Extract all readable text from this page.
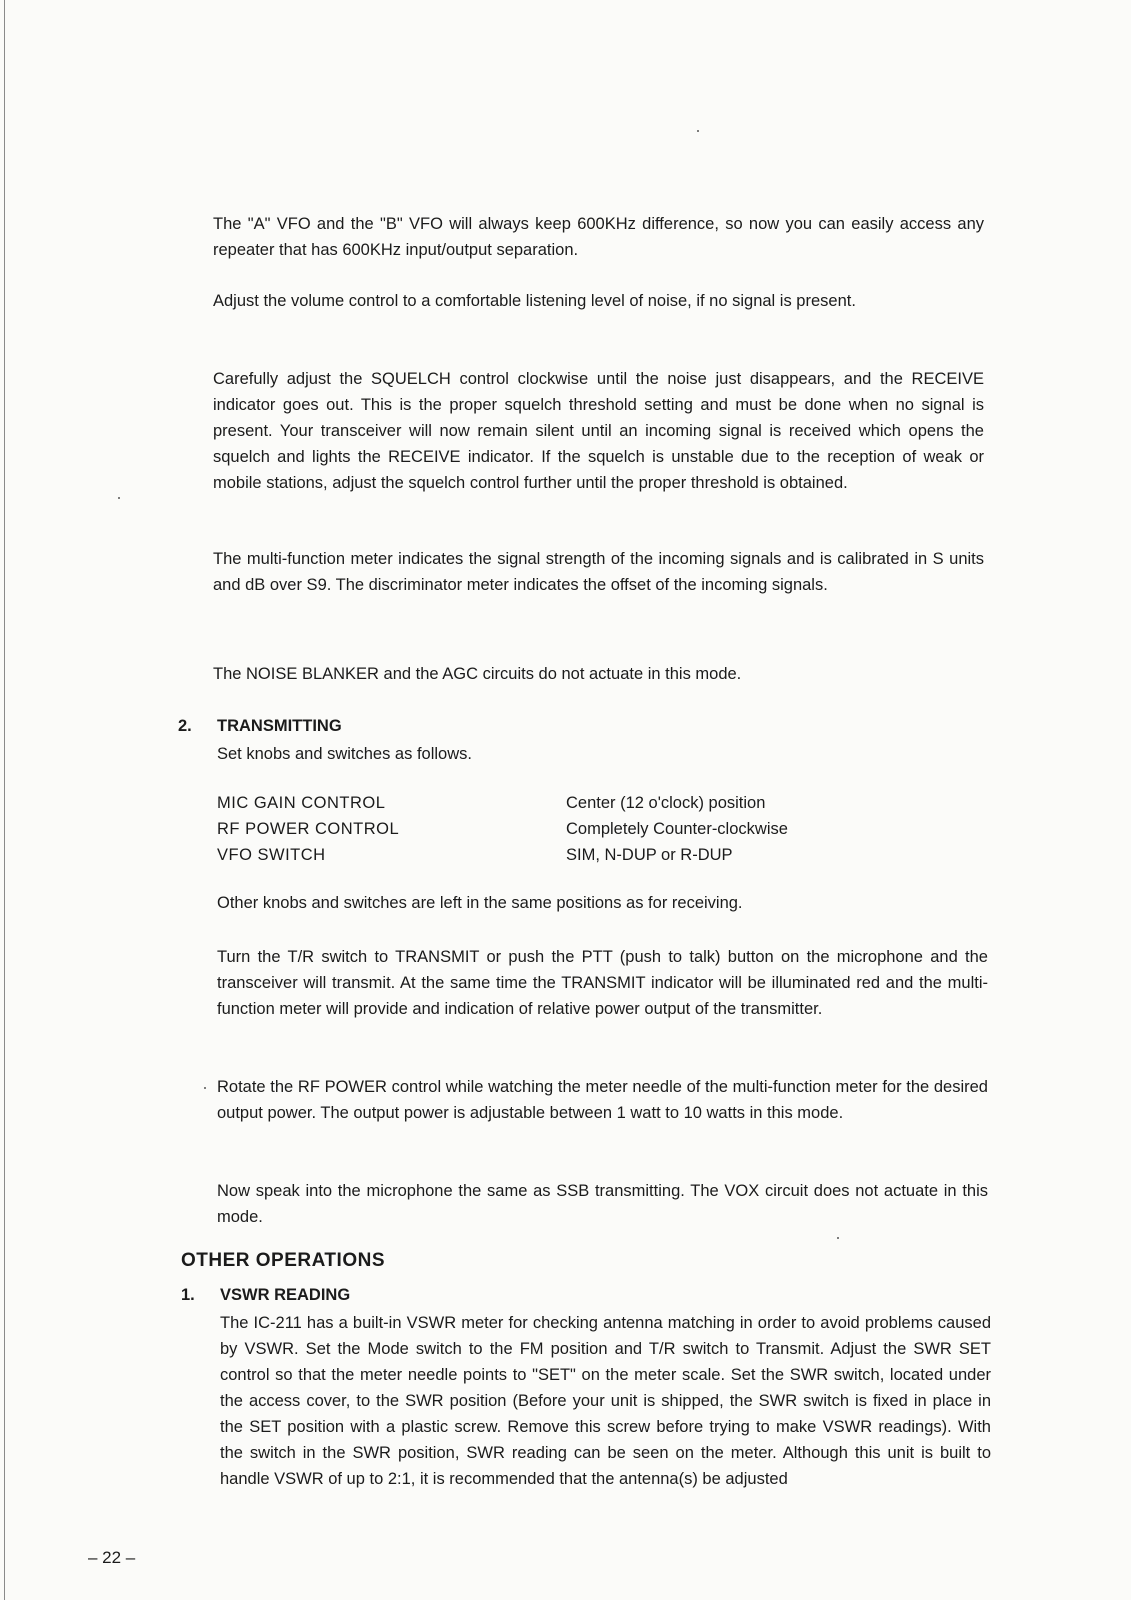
The "A" VFO and the "B" VFO will always keep 600KHz difference, so now you can easily access any repeater that has 600KHz input/output separation.

Adjust the volume control to a comfortable listening level of noise, if no signal is present.

Carefully adjust the SQUELCH control clockwise until the noise just disappears, and the RECEIVE indicator goes out. This is the proper squelch threshold setting and must be done when no signal is present. Your transceiver will now remain silent until an incoming signal is received which opens the squelch and lights the RECEIVE indicator. If the squelch is unstable due to the reception of weak or mobile stations, adjust the squelch control further until the proper threshold is obtained.

The multi-function meter indicates the signal strength of the incoming signals and is calibrated in S units and dB over S9. The discriminator meter indicates the offset of the incoming signals.

The NOISE BLANKER and the AGC circuits do not actuate in this mode.

2. TRANSMITTING
Set knobs and switches as follows.
MIC GAIN CONTROL	Center (12 o'clock) position
RF POWER CONTROL	Completely Counter-clockwise
VFO SWITCH	SIM, N-DUP or R-DUP

Other knobs and switches are left in the same positions as for receiving.

Turn the T/R switch to TRANSMIT or push the PTT (push to talk) button on the microphone and the transceiver will transmit. At the same time the TRANSMIT indicator will be illuminated red and the multi-function meter will provide and indication of relative power output of the transmitter.

Rotate the RF POWER control while watching the meter needle of the multi-function meter for the desired output power. The output power is adjustable between 1 watt to 10 watts in this mode.

Now speak into the microphone the same as SSB transmitting. The VOX circuit does not actuate in this mode.

OTHER OPERATIONS
1. VSWR READING

The IC-211 has a built-in VSWR meter for checking antenna matching in order to avoid problems caused by VSWR. Set the Mode switch to the FM position and T/R switch to Transmit. Adjust the SWR SET control so that the meter needle points to "SET" on the meter scale. Set the SWR switch, located under the access cover, to the SWR position (Before your unit is shipped, the SWR switch is fixed in place in the SET position with a plastic screw. Remove this screw before trying to make VSWR readings). With the switch in the SWR position, SWR reading can be seen on the meter. Although this unit is built to handle VSWR of up to 2:1, it is recommended that the antenna(s) be adjusted

– 22 –
